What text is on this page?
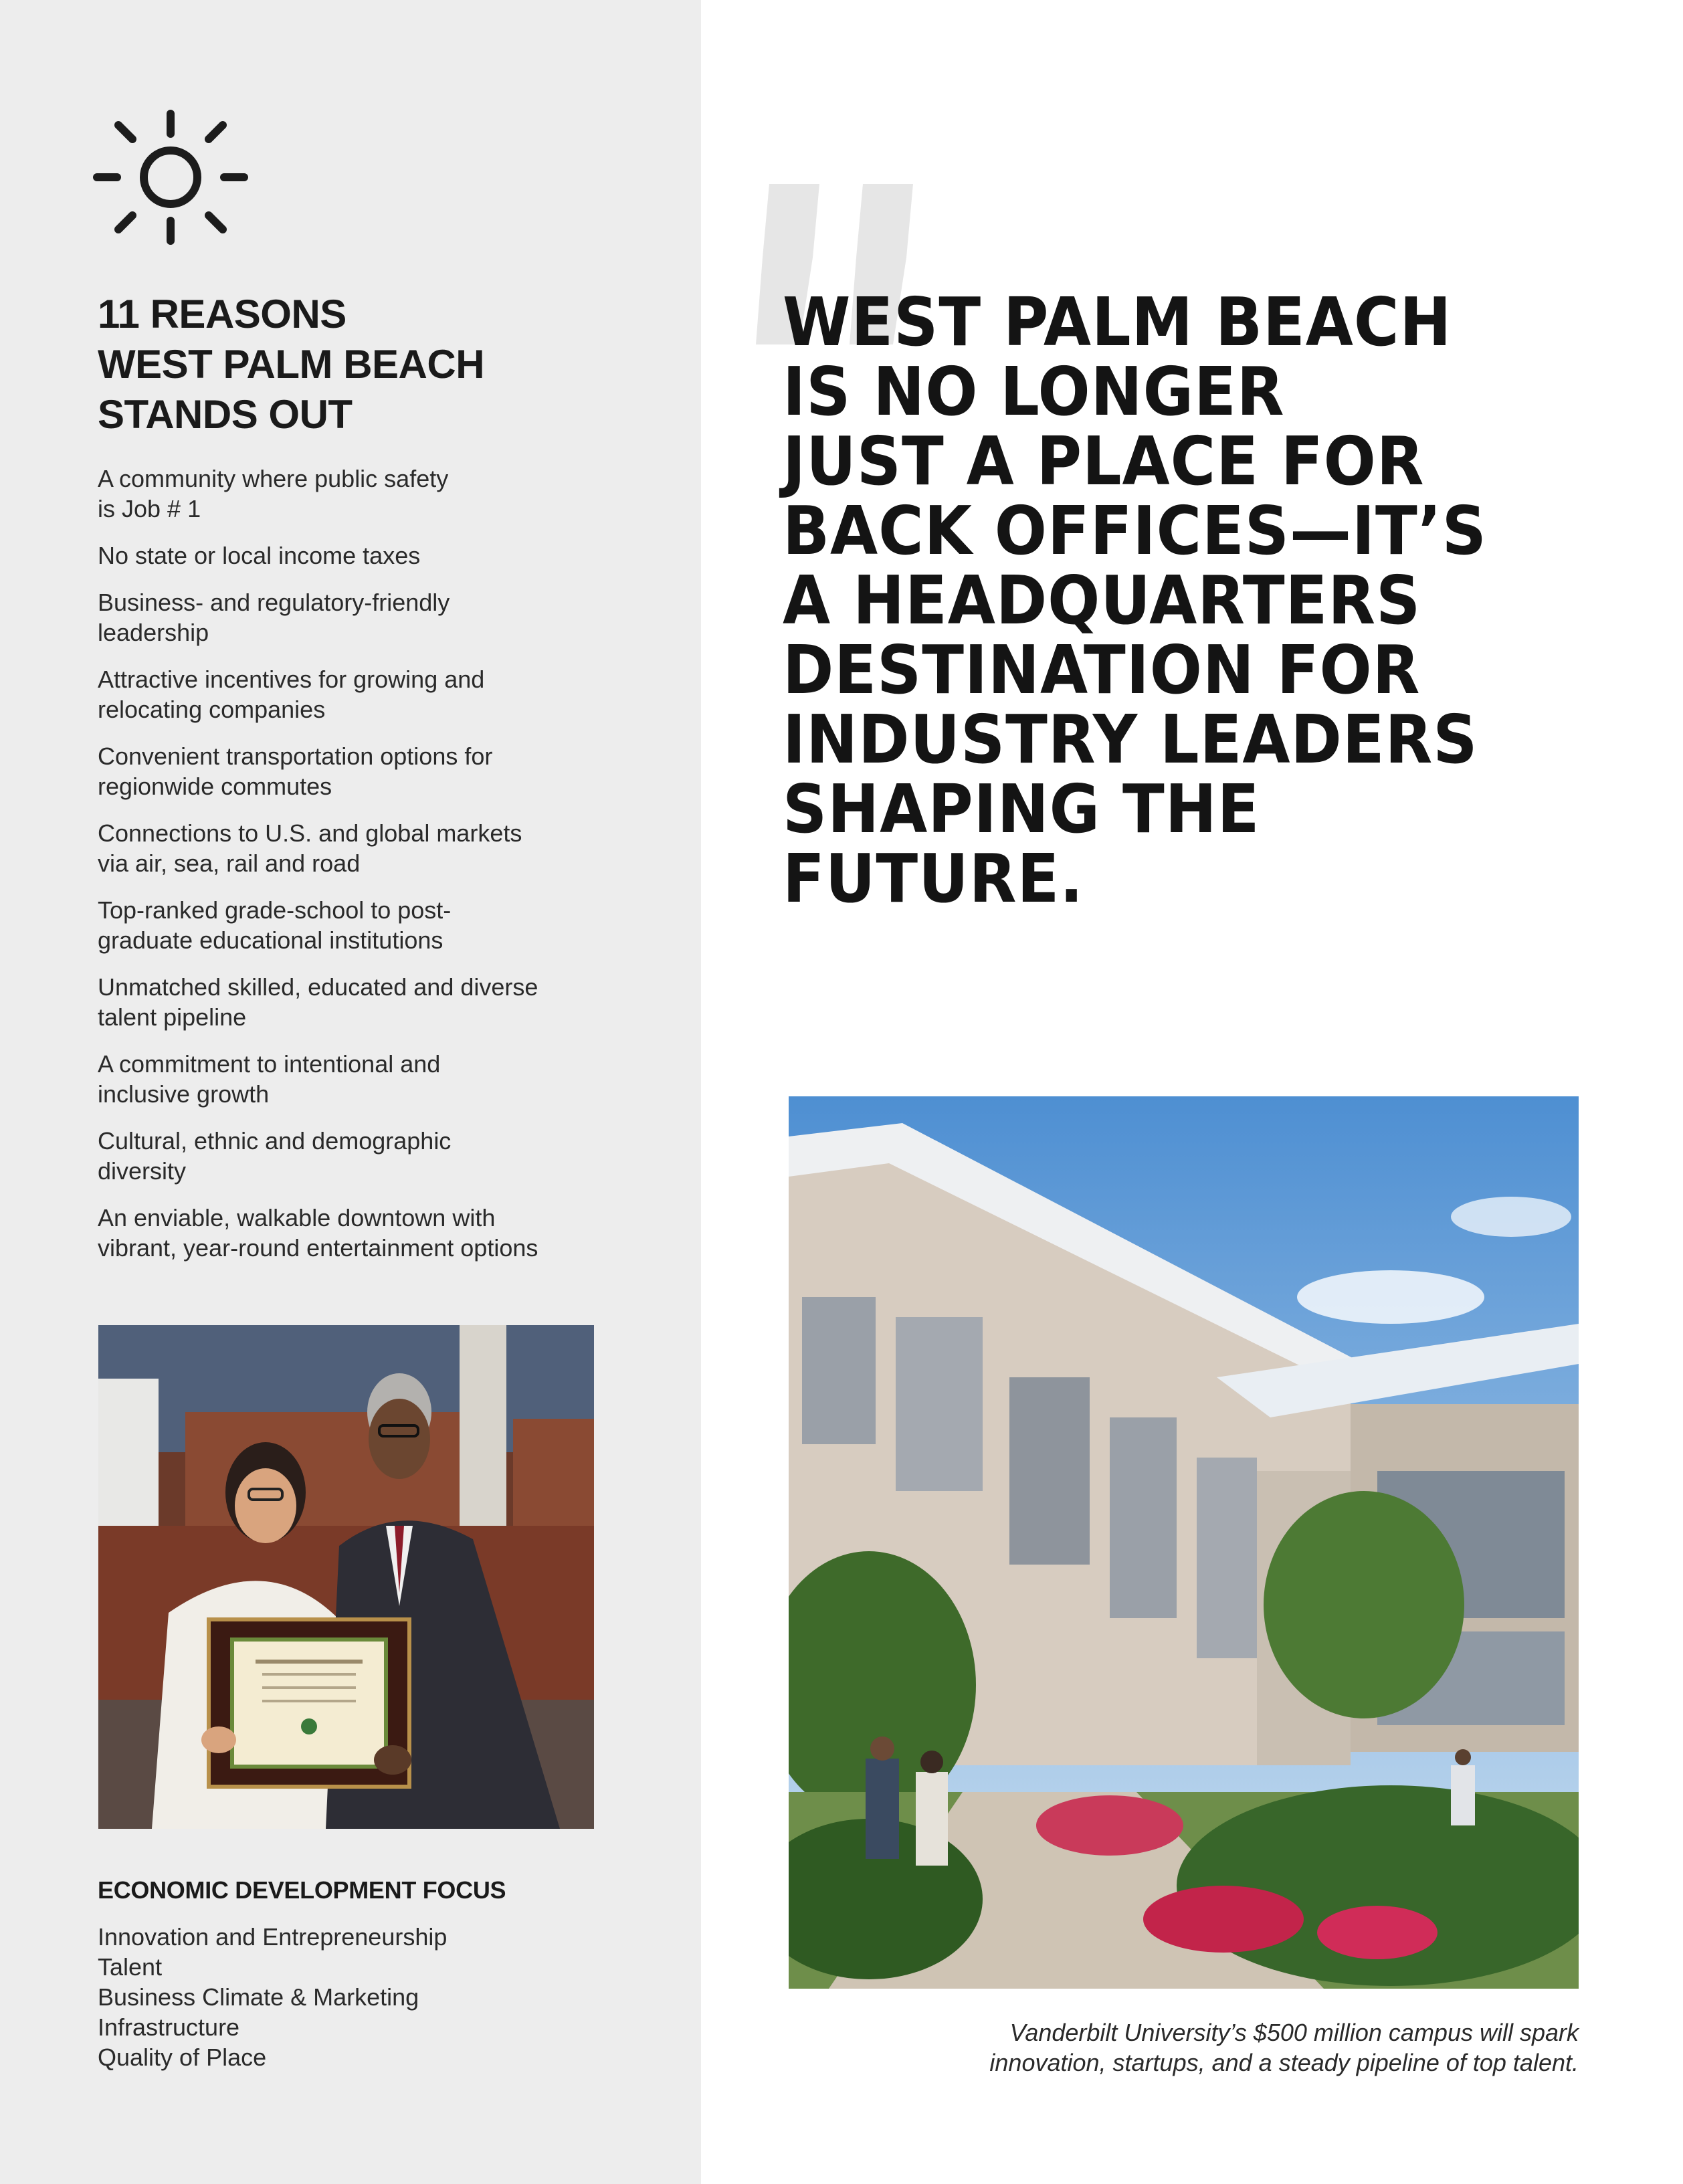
11 REASONS
WEST PALM BEACH
STANDS OUT
A community where public safety
is Job # 1
No state or local income taxes
Business- and regulatory-friendly
leadership
Attractive incentives for growing and
relocating companies
Convenient transportation options for
regionwide commutes
Connections to U.S. and global markets
via air, sea, rail and road
Top-ranked grade-school to post-
graduate educational institutions
Unmatched skilled, educated and diverse
talent pipeline
A commitment to intentional and
inclusive growth
Cultural, ethnic and demographic
diversity
An enviable, walkable downtown with
vibrant, year-round entertainment options
ECONOMIC DEVELOPMENT FOCUS
Innovation and Entrepreneurship
Talent
Business Climate & Marketing
Infrastructure
Quality of Place
WEST PALM BEACH
IS NO LONGER
JUST A PLACE FOR
BACK OFFICES—IT’S
A HEADQUARTERS
DESTINATION FOR
INDUSTRY LEADERS
SHAPING THE
FUTURE.

Vanderbilt University’s $500 million campus will spark
innovation, startups, and a steady pipeline of top talent.
